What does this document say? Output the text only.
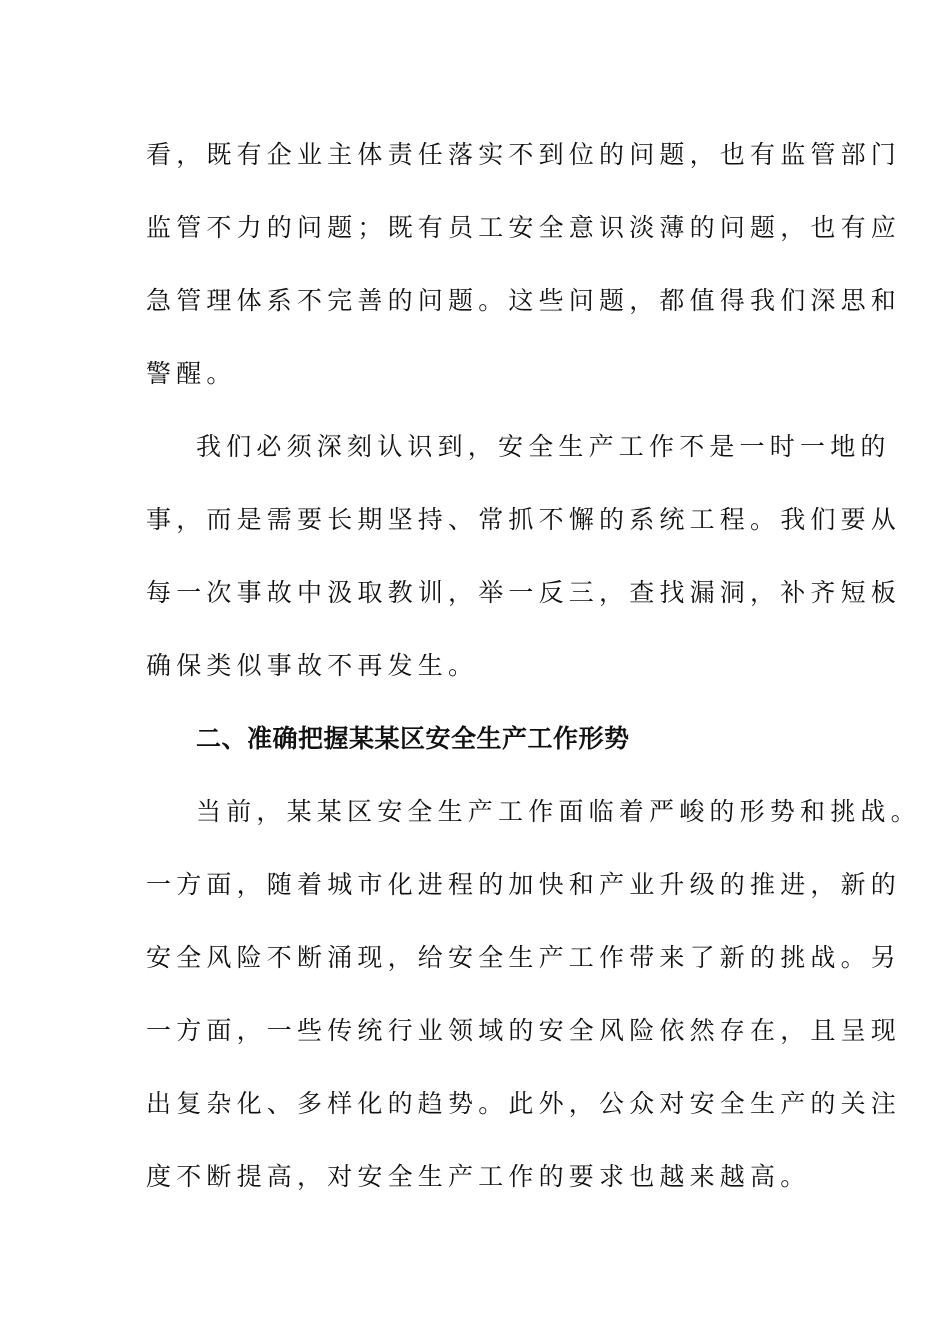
看，既有企业主体责任落实不到位的问题，也有监管部门
监管不力的问题；既有员工安全意识淡薄的问题，也有应
急管理体系不完善的问题。这些问题，都值得我们深思和
警醒。
我们必须深刻认识到，安全生产工作不是一时一地的
事，而是需要长期坚持、常抓不懈的系统工程。我们要从
每一次事故中汲取教训，举一反三，查找漏洞，补齐短板
确保类似事故不再发生。
二、准确把握某某区安全生产工作形势
当前，某某区安全生产工作面临着严峻的形势和挑战。
一方面，随着城市化进程的加快和产业升级的推进，新的
安全风险不断涌现，给安全生产工作带来了新的挑战。另
一方面，一些传统行业领域的安全风险依然存在，且呈现
出复杂化、多样化的趋势。此外，公众对安全生产的关注
度不断提高，对安全生产工作的要求也越来越高。
